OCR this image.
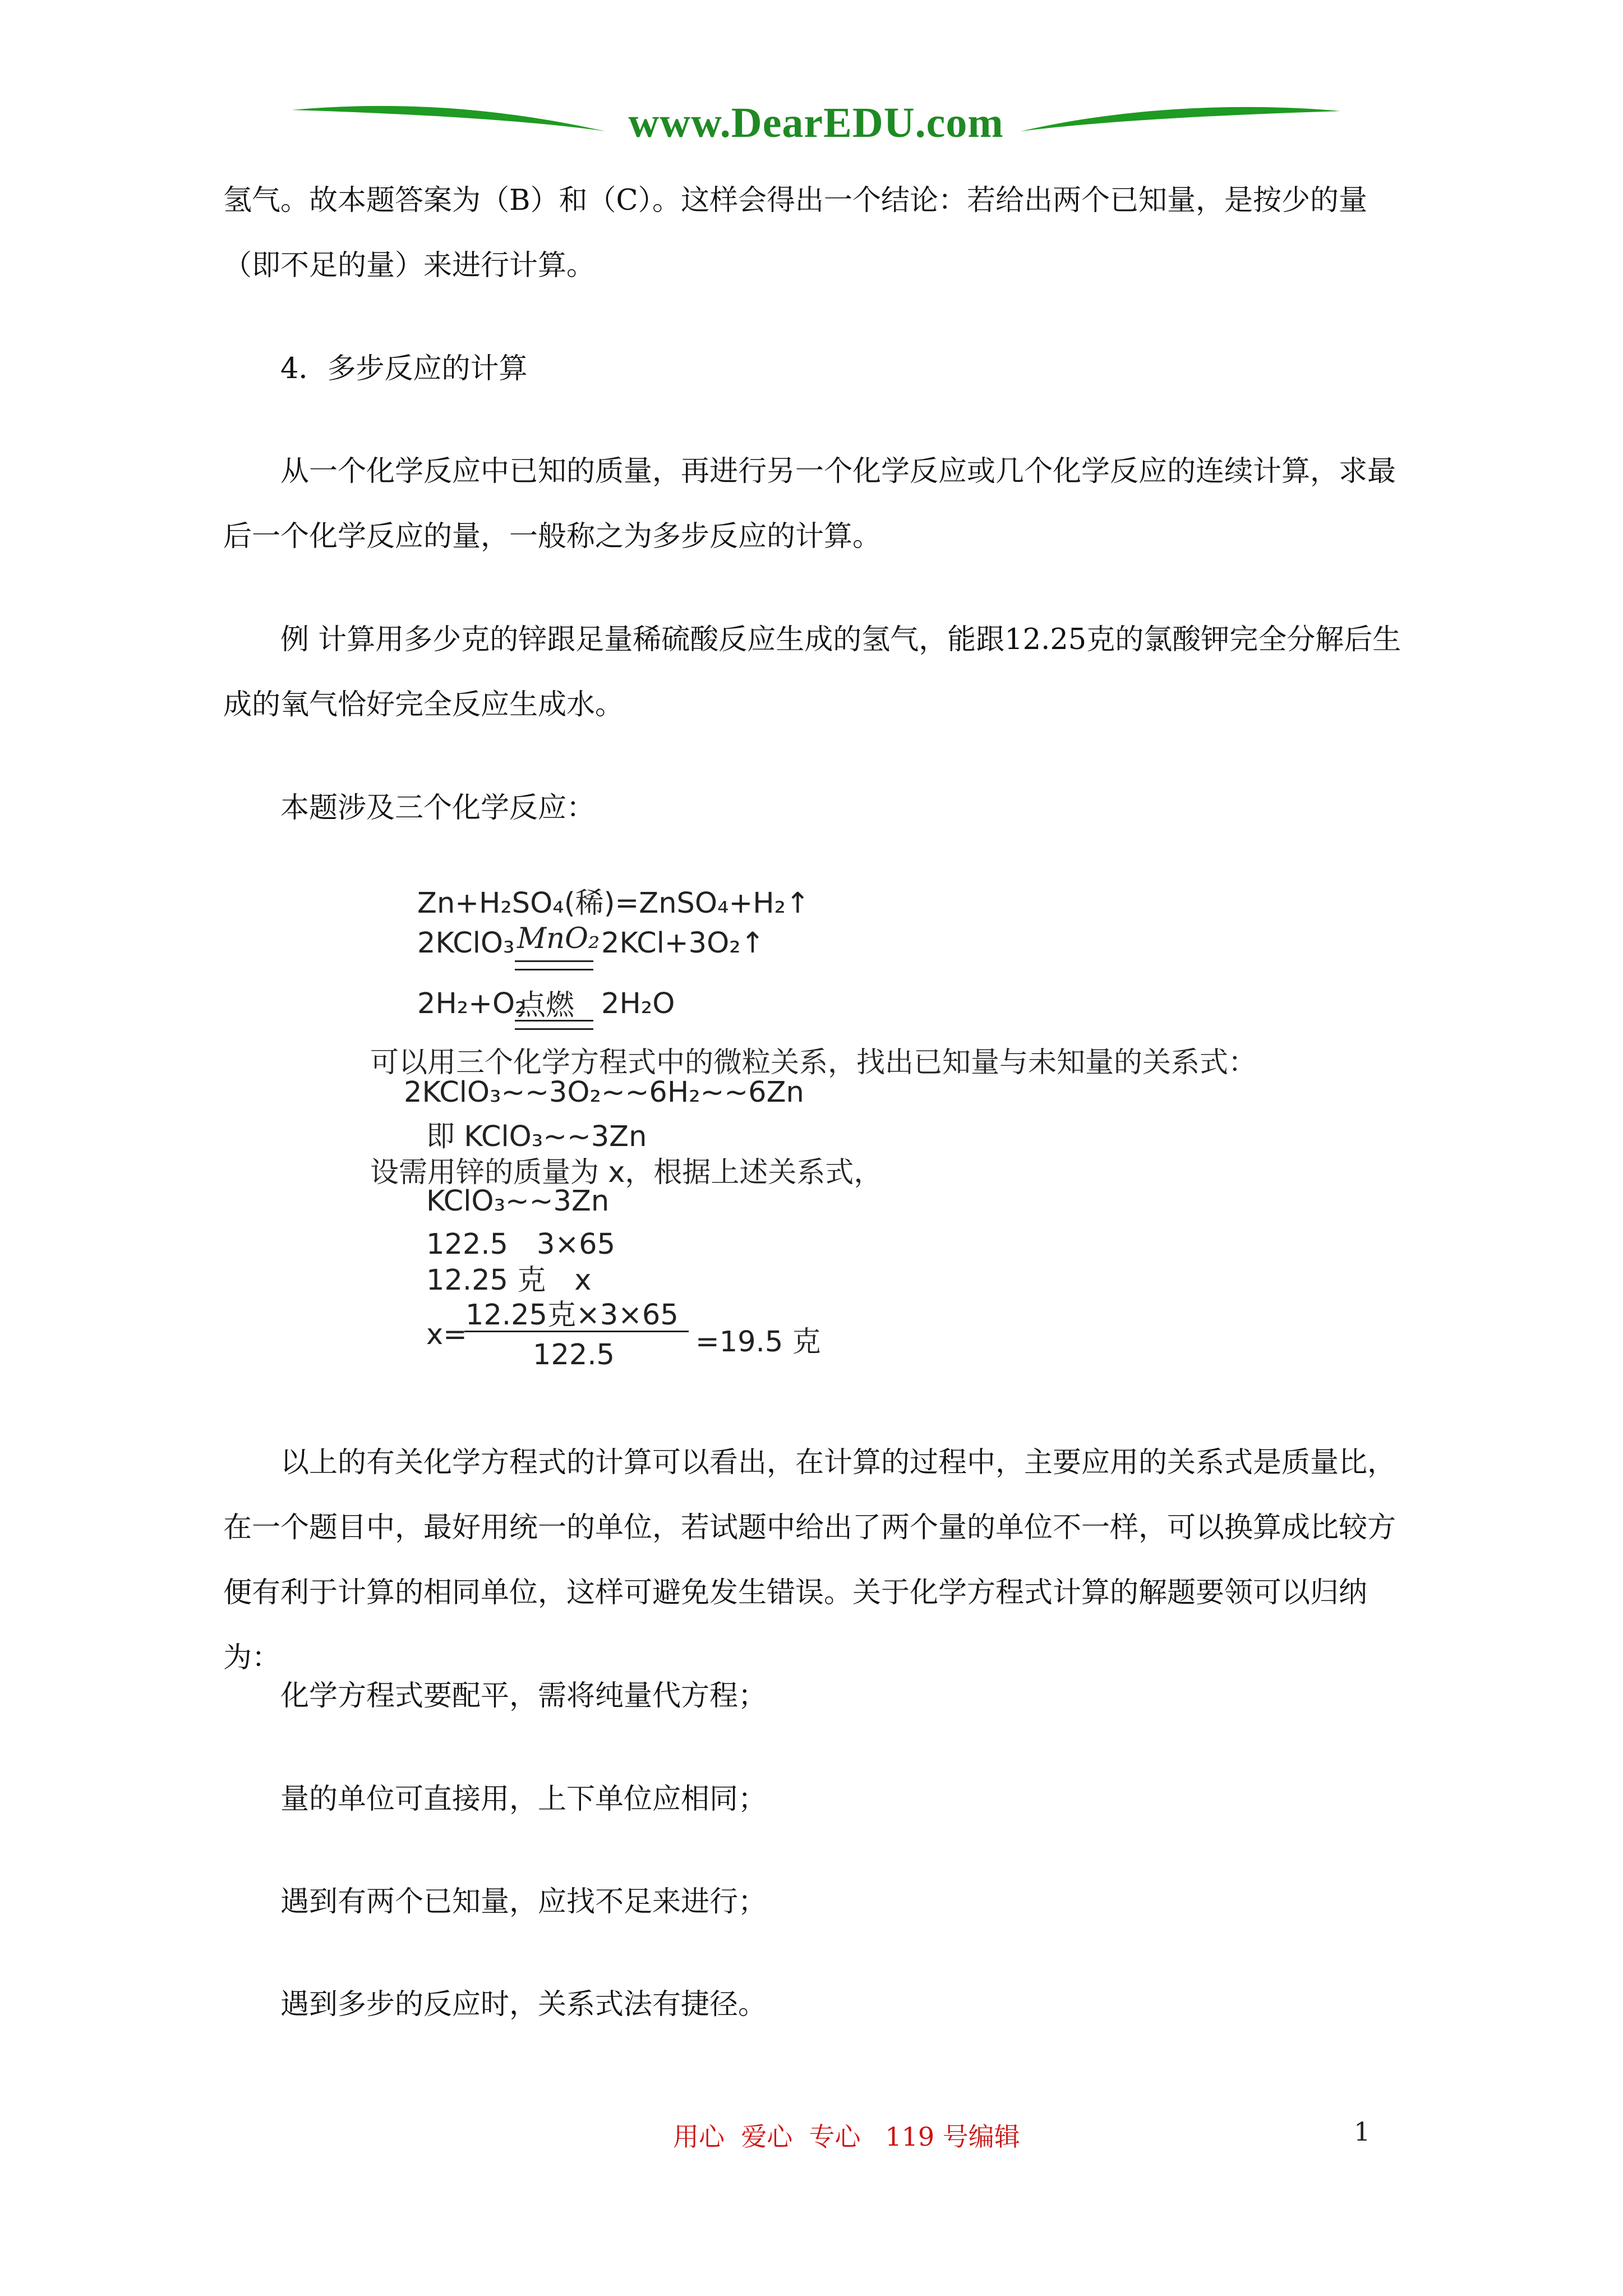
www.DearEDU.com

氢气。故本题答案为（B）和（C）。这样会得出一个结论：若给出两个已知量，是按少的量（即不足的量）来进行计算。

4．多步反应的计算

从一个化学反应中已知的质量，再进行另一个化学反应或几个化学反应的连续计算，求最后一个化学反应的量，一般称之为多步反应的计算。

例 计算用多少克的锌跟足量稀硫酸反应生成的氢气，能跟12.25克的氯酸钾完全分解后生成的氧气恰好完全反应生成水。

本题涉及三个化学反应：

Zn+H₂SO₄(稀)=ZnSO₄+H₂↑
2KClO₃ MnO₂ 2KCl+3O₂↑
2H₂+O₂
点燃 2H₂O
可以用三个化学方程式中的微粒关系，找出已知量与未知量的关系式：
2KClO₃~~3O₂~~6H₂~~6Zn
即 KClO₃~~3Zn
设需用锌的质量为 x，根据上述关系式，
KClO₃~~3Zn
122.5　3×65
12.25 克　x
x=
12.25克×3×65
122.5	=19.5 克

以上的有关化学方程式的计算可以看出，在计算的过程中，主要应用的关系式是质量比，在一个题目中，最好用统一的单位，若试题中给出了两个量的单位不一样，可以换算成比较方便有利于计算的相同单位，这样可避免发生错误。关于化学方程式计算的解题要领可以归纳为：

化学方程式要配平，需将纯量代方程；

量的单位可直接用，上下单位应相同；

遇到有两个已知量，应找不足来进行；

遇到多步的反应时，关系式法有捷径。

用心  爱心  专心   119 号编辑	1
